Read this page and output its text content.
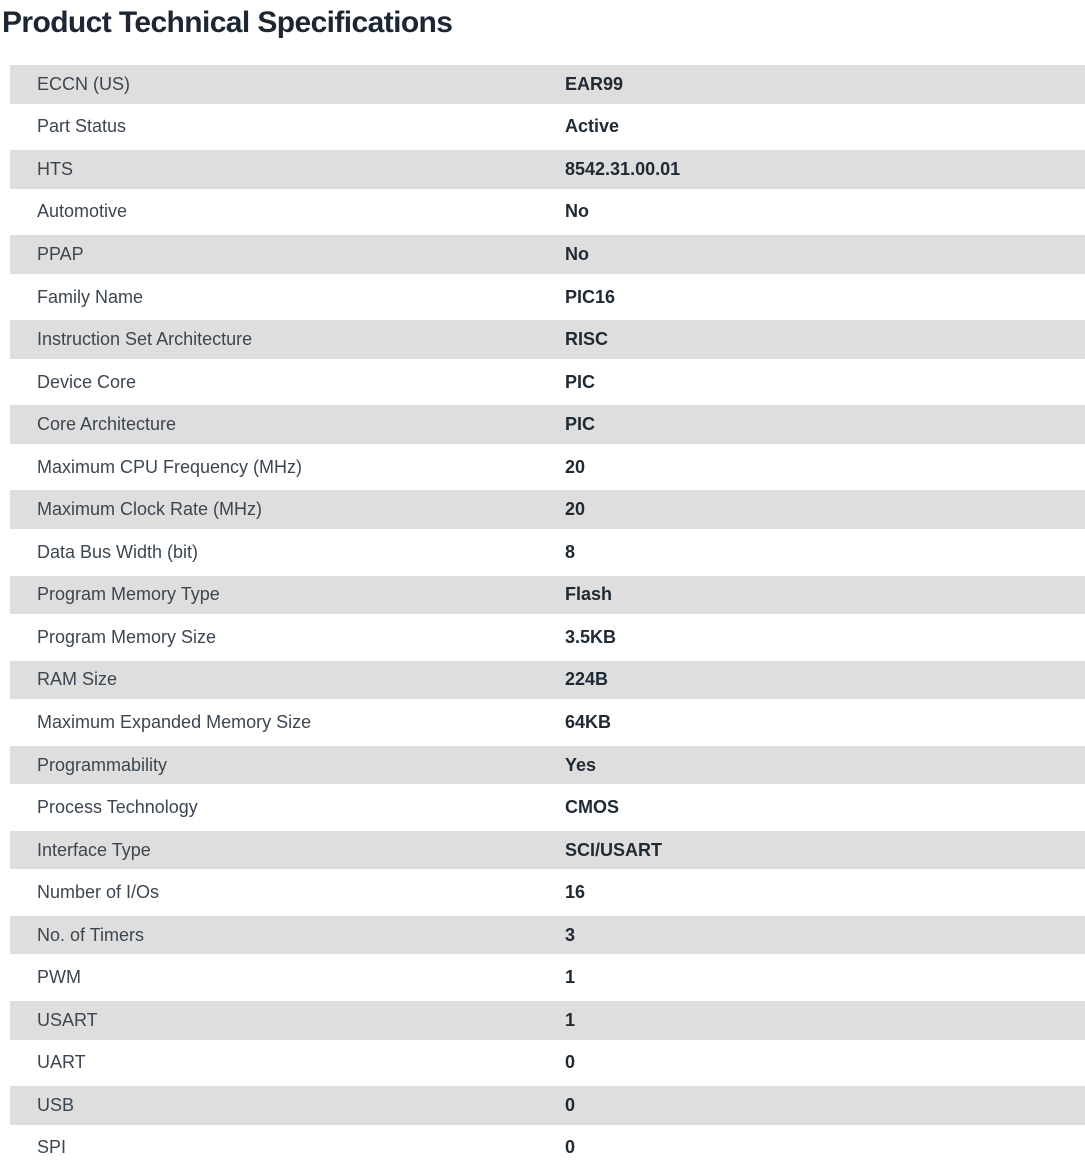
Product Technical Specifications
ECCN (US)	EAR99
Part Status	Active
HTS	8542.31.00.01
Automotive	No
PPAP	No
Family Name	PIC16
Instruction Set Architecture	RISC
Device Core	PIC
Core Architecture	PIC
Maximum CPU Frequency (MHz)	20
Maximum Clock Rate (MHz)	20
Data Bus Width (bit)	8
Program Memory Type	Flash
Program Memory Size	3.5KB
RAM Size	224B
Maximum Expanded Memory Size	64KB
Programmability	Yes
Process Technology	CMOS
Interface Type	SCI/USART
Number of I/Os	16
No. of Timers	3
PWM	1
USART	1
UART	0
USB	0
SPI	0
